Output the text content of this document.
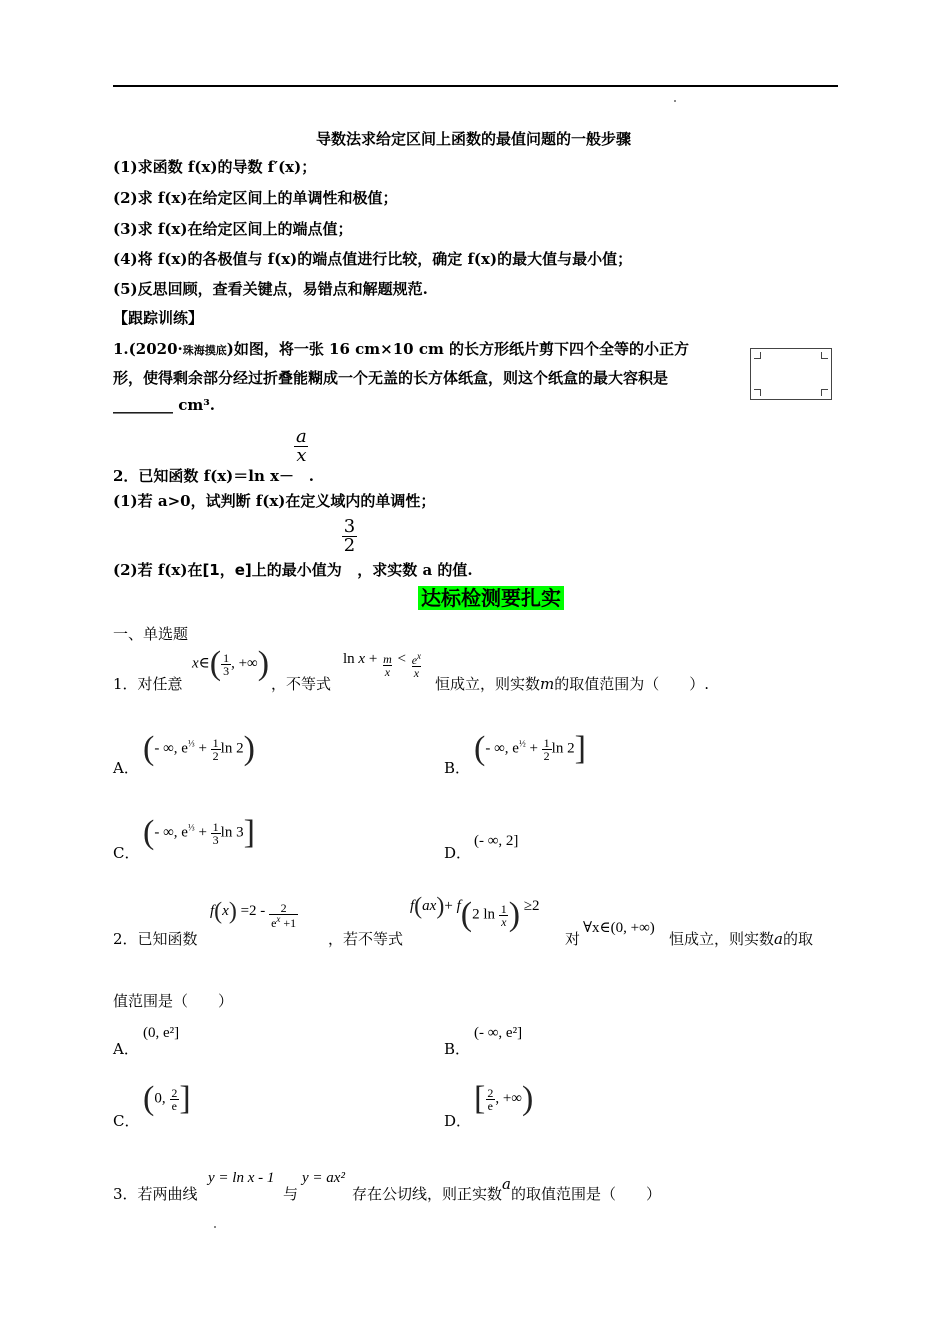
导数法求给定区间上函数的最值问题的一般步骤
(1)求函数 f(x)的导数 f′(x)；
(2)求 f(x)在给定区间上的单调性和极值；
(3)求 f(x)在给定区间上的端点值；
(4)将 f(x)的各极值与 f(x)的端点值进行比较，确定 f(x)的最大值与最小值；
(5)反思回顾，查看关键点，易错点和解题规范.
【跟踪训练】
1.(2020·珠海摸底)如图，将一张 16 cm×10 cm 的长方形纸片剪下四个全等的小正方
形，使得剩余部分经过折叠能糊成一个无盖的长方体纸盒，则这个纸盒的最大容积是
________ cm³.
2．已知函数 f(x)＝ln x－
$\frac{a}{x}$
.
(1)若 a>0，试判断 f(x)在定义域内的单调性；
(2)若 f(x)在[1，e]上的最小值为
$\frac{3}{2}$
，求实数 a 的值.
达标检测要扎实
一、单选题
1．对任意
x∈( $\frac{1}{3}$ , +∞)
，不等式
$\ln x + \frac{m}{x} < \frac{e^x}{x}$
恒成立，则实数m的取值范围为（　　）.
A．
(- ∞, $e^{\frac{1}{3}} + \frac{1}{2}$ ln 2)
B．
(- ∞, $e^{\frac{1}{2}} + \frac{1}{2}$ ln 2]
C．
(- ∞, $e^{\frac{1}{3}} + \frac{1}{3}$ ln 3]
D．
(- ∞, 2]
2．已知函数
$f(x) =2 - \frac{2}{e^x +1}$
，若不等式
f(ax)+ f(2 $\ln \frac{1}{x}$ ) ≥2
对
∀x∈(0, +∞)
恒成立，则实数a的取
值范围是（　　）
A．
(0, e²]
B．
(- ∞, e²]
C．
(0, $\frac{2}{e}$ ]
D．
[ $\frac{2}{e}$ , +∞)
3．若两曲线
y = ln x - 1
与
y = ax²
存在公切线，则正实数a的取值范围是（　　）
